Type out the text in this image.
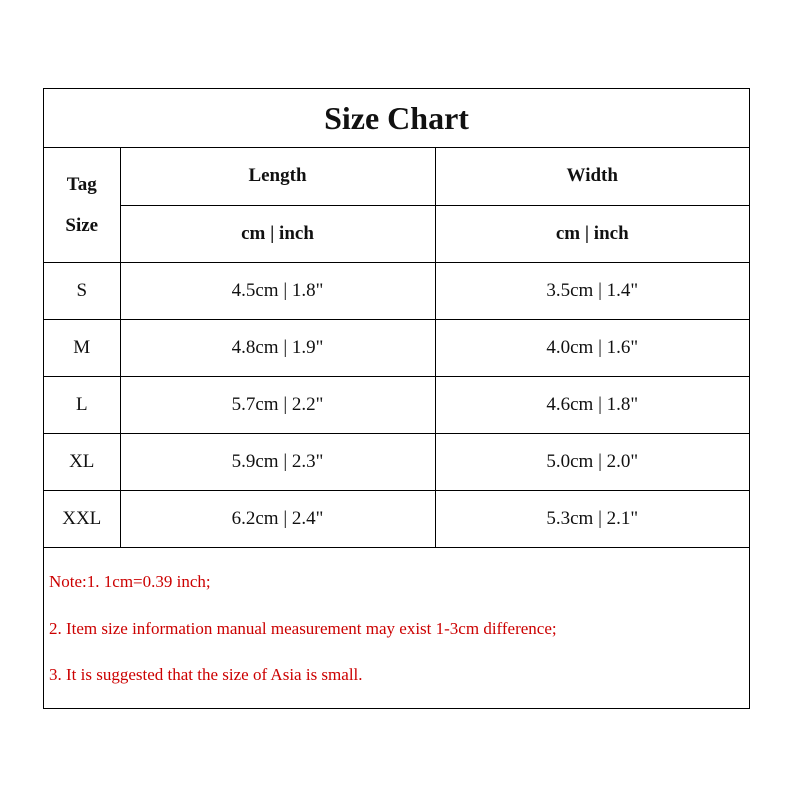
Size Chart
Tag
Size	Length	Width
	cm | inch	cm | inch
S	4.5cm | 1.8"	3.5cm | 1.4"
M	4.8cm | 1.9"	4.0cm | 1.6"
L	5.7cm | 2.2"	4.6cm | 1.8"
XL	5.9cm | 2.3"	5.0cm | 2.0"
XXL	6.2cm | 2.4"	5.3cm | 2.1"
Note:1. 1cm=0.39 inch;
2. Item size information manual measurement may exist 1-3cm difference;
3. It is suggested that the size of Asia is small.
